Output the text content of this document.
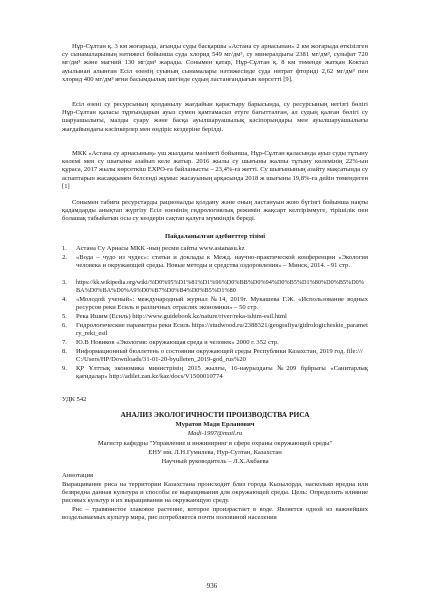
Нұр-Сұлтан қ. 3 км жоғарыда, ағынды суды басқаршы «Астана су арнасынан» 2 км жоғарыда өткізілген су сынамаларының нәтижесі бойынша суда хлорид 549 мг/дм³, су минералдығы 2381 мг/дм³, сульфат 720 мг/дм³ және магний 130 мг/дм³ жарады. Сонымен қатар, Нұр-Сұлтан қ. 8 км төменде жатқан Коктал ауылынан алынған Есіл өзенің суының сынамалары нәтижесінде суда нитрат фториді 2,62 мг/дм³ пен хлорид 400 мг/дм³ яғни басымдылық шегінде судың ластанғандығын көрсетті [9].

Есіл өзені су ресурсының қолданылу жағдайын қарастыру барысында, су ресурсының негізгі бөлігі Нұр-Сұлтан қаласы тұрғындарын ауыз сумен қамтамасыз етуге бағытталған, ал судың қалған бөлігі су шаруашылығы, малды суару және басқа ауылшаруашылық кәсіпорындары мен ауылшаруашылығы жағдайындағы кәсіпкерлер мен өндіріс кездеріне берілді.

МКК «Астана су арнасының» уш жылдағы мәліметі бойынша, Нұр-Сұлтан қаласында ауыз суды тұтыну көлемі мен су шығыны азайып келе жатыр. 2016 жылы су шығыны жалпы тұтыну көлемінің 22%-ын құраса, 2017 жылы көрсеткіш EXPO-ға байланысты – 23,4%-ға жетті. Су шығынының азайту мақсатында су аспаптарын жасаққымен белсенді жұмыс жасауының арқасында 2018 ж шығыны 19,8%-ға дейін төмендеген [1]

Сонымен табиғи ресурстарды рационалды қолдану және оның ластануын жою бүгінгі бойынша нақты қадамдарды анықтап жүргізу Есіл өзенінің гидрологиялық режимін жақсарт келтіріммуге, тірішілік пен болашақ табыйатын осы су көздерін сақтап қалуға мүмкіндік береді.

Пайдаланылған әдебиеттер тізімі

1.	Астана Су Арнасы МКК -ның ресми сайты www.astanasu.kz
2.	«Вода – чудо из чудес»: статьи и доклады к Межд. научно-практической конференции «Экология человека и окружающей среды. Новые методы и средства оздоровления» – Минск, 2014. - 91 стр.
3.	https://kk.wikipedia.org/wiki/%D0%95%D1%81%D1%96%D0%BB%D0%94%D0%B5%D1%80%D0%B5%D0%BA%D0%BA%D0%A9%D0%B7%D0%B4%D0%B5%D1%80
4.	«Молодой ученый»: международный журнал №14, 2019г. Мукашева Г.Ж. «Использование водных ресурсов реки Есиль в различных отраслях экономики» – 50 стр.
5.	Река Ишим (Есиль) http://www.guidebook.kz/nature/river/reka-ishim-esil.html
6.	Гидрологические параметры реки Есиль https://studwood.ru/2388321/geografiya/gidrologicheskie_parametry_reki_esil
7.	Ю.В Новиков «Экология: окружающая среда и человек» 2000 г. 352 стр.
8.	Информационный бюллетень о состоянии окружающей среды Республики Казахстан, 2019 год. file:///C:/Users/HP/Downloads/31-01-20-byulleten_2019-god_rus%20
9.	ҚР Ұлттық экономика министрінің 2015 жылғы, 16-наурыздағы №209 бұйрығы «Санитарлық қағидалар» http://adilet.zan.kz/kaz/docs/V1500010774

УДК 542

АНАЛИЗ ЭКОЛОГИЧНОСТИ ПРОИЗВОДСТВА РИСА

Муратов Мади Ерланович

Madi-1997@mail.ru

Магистр кафедры "Управление и инжиниринг в сфере охраны окружающей среды"

ЕНУ им. Л.Н.Гумилева, Нур-Султан, Казахстан

Научный руководитель – Л.Х.Акбаева

Аннотация

Выращивание риса на территории Казахстана происходит близ города Кызылорда, насколько вредна или безвредна данная культура и способы ее выращивания для окружающей среды. Цель: Определить влияние рисовых культур и их выращивания на окружающую среду.

Рис – травянистое злаковое растение, которое произрастает в воде. Является одной из важнейших возделываемых культур мира, рис потребляется почти половиной населения

936
